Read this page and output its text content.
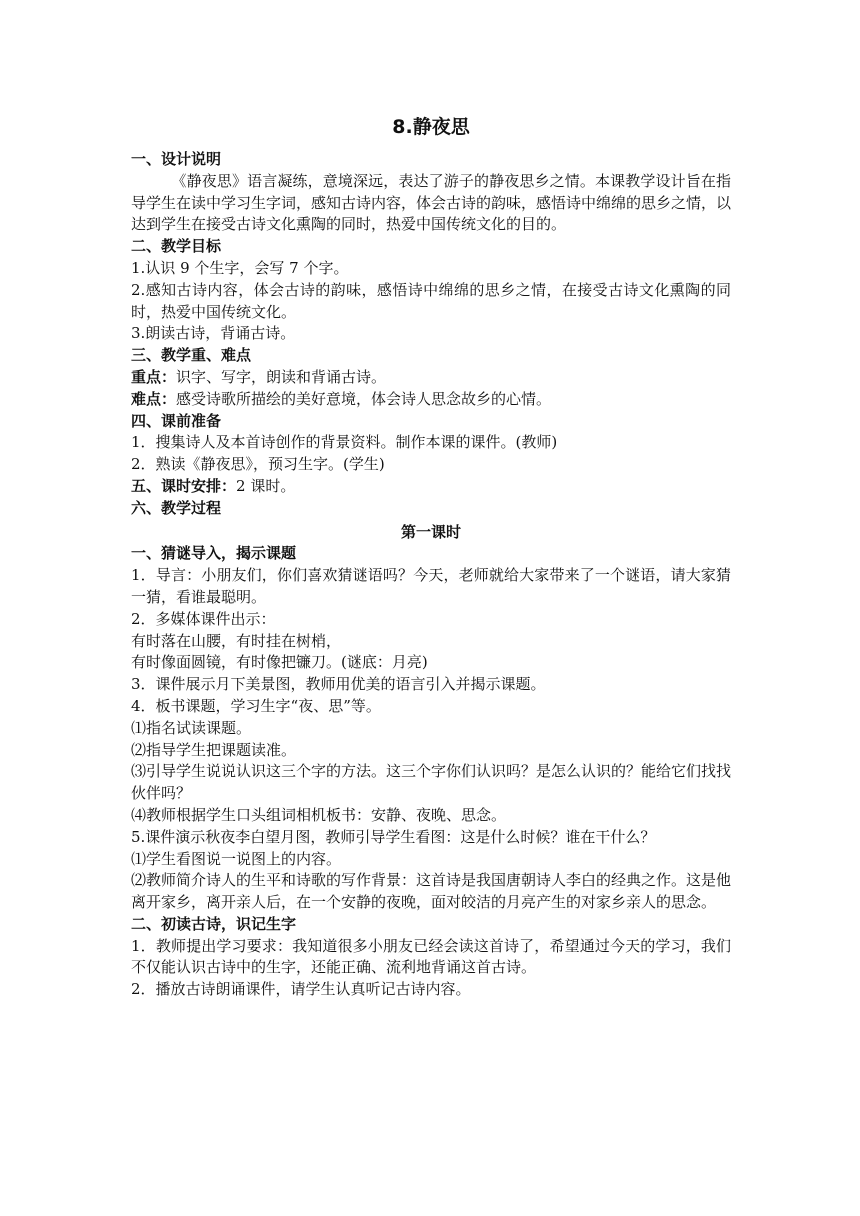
8.静夜思
一、设计说明
《静夜思》语言凝练，意境深远，表达了游子的静夜思乡之情。本课教学设计旨在指导学生在读中学习生字词，感知古诗内容，体会古诗的韵味，感悟诗中绵绵的思乡之情，以达到学生在接受古诗文化熏陶的同时，热爱中国传统文化的目的。
二、教学目标
1.认识 9 个生字，会写 7 个字。
2.感知古诗内容，体会古诗的韵味，感悟诗中绵绵的思乡之情，在接受古诗文化熏陶的同时，热爱中国传统文化。
3.朗读古诗，背诵古诗。
三、教学重、难点
重点：识字、写字，朗读和背诵古诗。
难点：感受诗歌所描绘的美好意境，体会诗人思念故乡的心情。
四、课前准备
1．搜集诗人及本首诗创作的背景资料。制作本课的课件。(教师)
2．熟读《静夜思》，预习生字。(学生)
五、课时安排：2 课时。
六、教学过程
第一课时
一、猜谜导入，揭示课题
1．导言：小朋友们，你们喜欢猜谜语吗？今天，老师就给大家带来了一个谜语，请大家猜一猜，看谁最聪明。
2．多媒体课件出示：
有时落在山腰，有时挂在树梢，
有时像面圆镜，有时像把镰刀。(谜底：月亮)
3．课件展示月下美景图，教师用优美的语言引入并揭示课题。
4．板书课题，学习生字“夜、思”等。
⑴指名试读课题。
⑵指导学生把课题读准。
⑶引导学生说说认识这三个字的方法。这三个字你们认识吗？是怎么认识的？能给它们找找伙伴吗？
⑷教师根据学生口头组词相机板书：安静、夜晚、思念。
5.课件演示秋夜李白望月图，教师引导学生看图：这是什么时候？谁在干什么？
⑴学生看图说一说图上的内容。
⑵教师简介诗人的生平和诗歌的写作背景：这首诗是我国唐朝诗人李白的经典之作。这是他离开家乡，离开亲人后，在一个安静的夜晚，面对皎洁的月亮产生的对家乡亲人的思念。
二、初读古诗，识记生字
1．教师提出学习要求：我知道很多小朋友已经会读这首诗了，希望通过今天的学习，我们不仅能认识古诗中的生字，还能正确、流利地背诵这首古诗。
2．播放古诗朗诵课件，请学生认真听记古诗内容。
